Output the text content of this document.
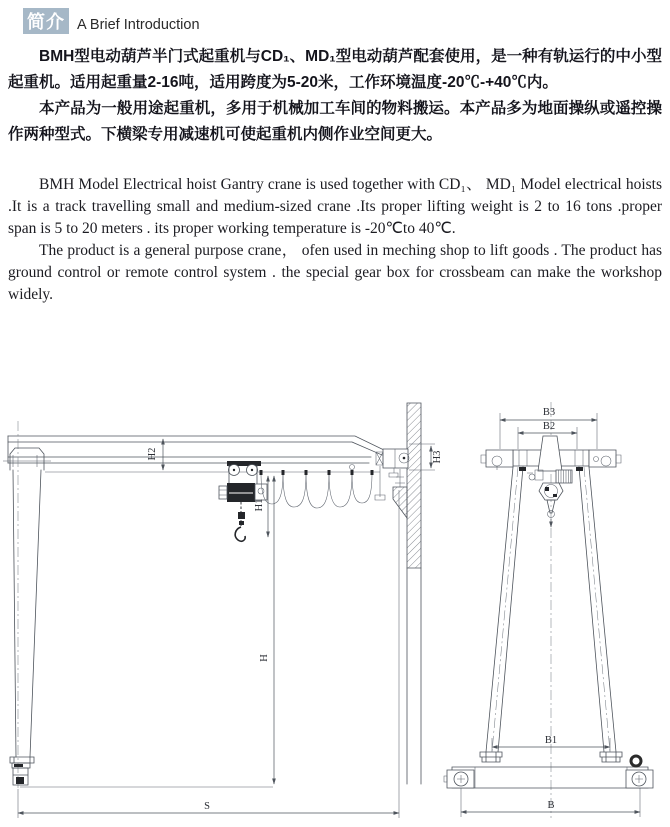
简介 A Brief Introduction

BMH型电动葫芦半门式起重机与CD₁、MD₁型电动葫芦配套使用，是一种有轨运行的中小型起重机。适用起重量2-16吨，适用跨度为5-20米，工作环境温度-20℃-+40℃内。

本产品为一般用途起重机，多用于机械加工车间的物料搬运。本产品多为地面操纵或遥控操作两种型式。下横梁专用减速机可使起重机内侧作业空间更大。

BMH Model Electrical hoist Gantry crane is used together with CD₁、 MD₁ Model electrical hoists .It is a track travelling small and medium-sized crane .Its proper lifting weight is 2 to 16 tons .proper span is 5 to 20 meters . its proper working temperature is -20℃to 40℃.

The product is a general purpose crane， ofen used in meching shop to lift goods . The product has ground control or remote control system . the special gear box for crossbeam can make the workshop widely.

H2
H1
H
H3
S
B3
B2
B1
B
